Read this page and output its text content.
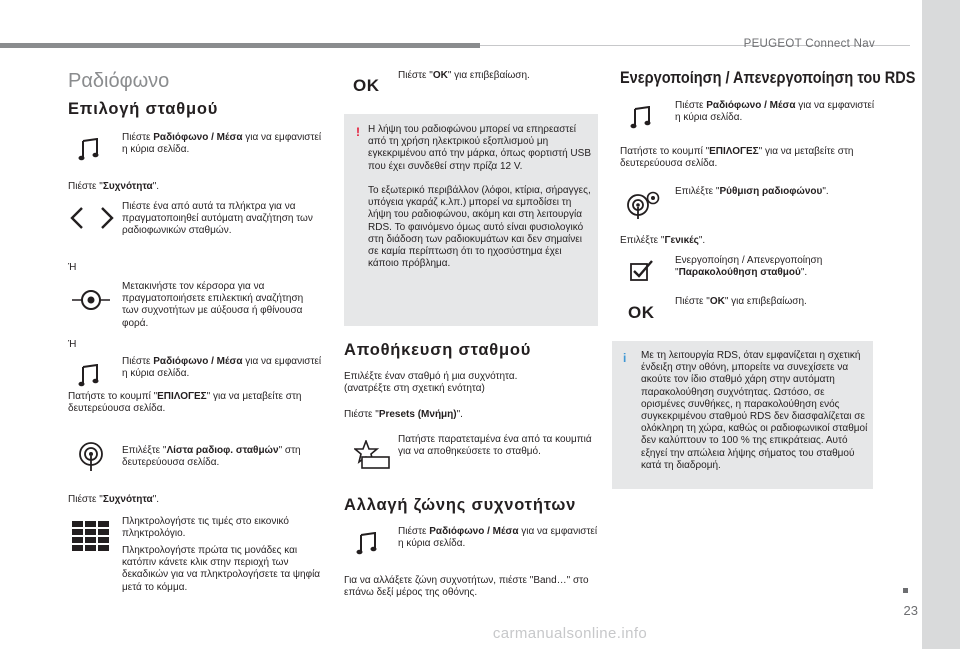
PEUGEOT Connect Nav
23
Ραδιόφωνο
Επιλογή σταθμού
Πιέστε Ραδιόφωνο / Μέσα για να εμφανιστεί η κύρια σελίδα.
Πιέστε "Συχνότητα".
Πιέστε ένα από αυτά τα πλήκτρα για να πραγματοποιηθεί αυτόματη αναζήτηση των ραδιοφωνικών σταθμών.
Ή
Μετακινήστε τον κέρσορα για να πραγματοποιήσετε επιλεκτική αναζήτηση των συχνοτήτων με αύξουσα ή φθίνουσα φορά.
Ή
Πιέστε Ραδιόφωνο / Μέσα για να εμφανιστεί η κύρια σελίδα.
Πατήστε το κουμπί "ΕΠΙΛΟΓΕΣ" για να μεταβείτε στη δευτερεύουσα σελίδα.
Επιλέξτε "Λίστα ραδιοφ. σταθμών" στη δευτερεύουσα σελίδα.
Πιέστε "Συχνότητα".
Πληκτρολογήστε τις τιμές στο εικονικό πληκτρολόγιο.
Πληκτρολογήστε πρώτα τις μονάδες και κατόπιν κάνετε κλικ στην περιοχή των δεκαδικών για να πληκτρολογήσετε τα ψηφία μετά το κόμμα.
OK
Πιέστε "OK" για επιβεβαίωση.
! Η λήψη του ραδιοφώνου μπορεί να επηρεαστεί από τη χρήση ηλεκτρικού εξοπλισμού μη εγκεκριμένου από την μάρκα, όπως φορτιστή USB που έχει συνδεθεί στην πρίζα 12 V.
Το εξωτερικό περιβάλλον (λόφοι, κτίρια, σήραγγες, υπόγεια γκαράζ κ.λπ.) μπορεί να εμποδίσει τη λήψη του ραδιοφώνου, ακόμη και στη λειτουργία RDS. Το φαινόμενο όμως αυτό είναι φυσιολογικό στη διάδοση των ραδιοκυμάτων και δεν σημαίνει σε καμία περίπτωση ότι το ηχοσύστημα έχει κάποιο πρόβλημα.
Αποθήκευση σταθμού
Επιλέξτε έναν σταθμό ή μια συχνότητα. (ανατρέξτε στη σχετική ενότητα)
Πιέστε "Presets (Μνήμη)".
Πατήστε παρατεταμένα ένα από τα κουμπιά για να αποθηκεύσετε το σταθμό.
Αλλαγή ζώνης συχνοτήτων
Πιέστε Ραδιόφωνο / Μέσα για να εμφανιστεί η κύρια σελίδα.
Για να αλλάξετε ζώνη συχνοτήτων, πιέστε "Band…" στο επάνω δεξί μέρος της οθόνης.
Ενεργοποίηση / Απενεργοποίηση του RDS
Πιέστε Ραδιόφωνο / Μέσα για να εμφανιστεί η κύρια σελίδα.
Πατήστε το κουμπί "ΕΠΙΛΟΓΕΣ" για να μεταβείτε στη δευτερεύουσα σελίδα.
Επιλέξτε "Ρύθμιση ραδιοφώνου".
Επιλέξτε "Γενικές".
Ενεργοποίηση / Απενεργοποίηση "Παρακολούθηση σταθμού".
OK
Πιέστε "OK" για επιβεβαίωση.
i Με τη λειτουργία RDS, όταν εμφανίζεται η σχετική ένδειξη στην οθόνη, μπορείτε να συνεχίσετε να ακούτε τον ίδιο σταθμό χάρη στην αυτόματη παρακολούθηση συχνότητας. Ωστόσο, σε ορισμένες συνθήκες, η παρακολούθηση ενός συγκεκριμένου σταθμού RDS δεν διασφαλίζεται σε ολόκληρη τη χώρα, καθώς οι ραδιοφωνικοί σταθμοί δεν καλύπτουν το 100 % της επικράτειας. Αυτό εξηγεί την απώλεια λήψης σήματος του σταθμού κατά τη διαδρομή.
carmanualsonline.info
